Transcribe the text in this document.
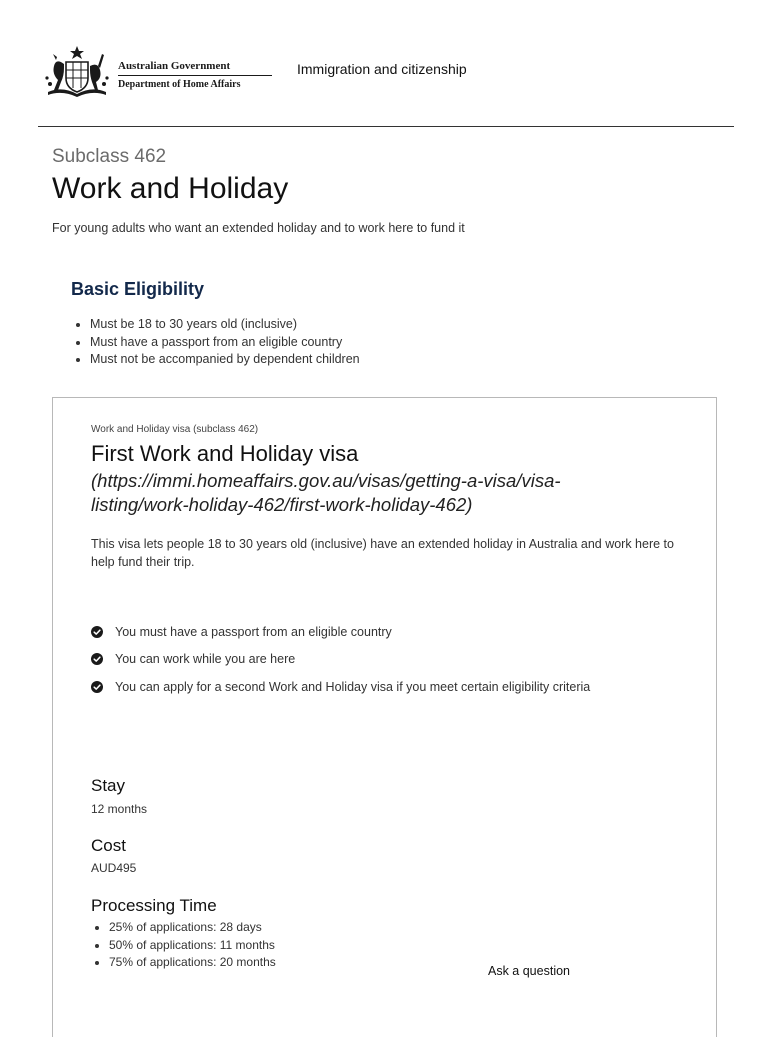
Australian Government
Department of Home Affairs
Immigration and citizenship
Subclass 462
Work and Holiday

For young adults who want an extended holiday and to work here to fund it

Basic Eligibility
• Must be 18 to 30 years old (inclusive)
• Must have a passport from an eligible country
• Must not be accompanied by dependent children
Work and Holiday visa (subclass 462)
First Work and Holiday visa
(https://immi.homeaffairs.gov.au/visas/getting-a-visa/visa-listing/work-holiday-462/first-work-holiday-462)

This visa lets people 18 to 30 years old (inclusive) have an extended holiday in Australia and work here to help fund their trip.

You must have a passport from an eligible country
You can work while you are here
You can apply for a second Work and Holiday visa if you meet certain eligibility criteria
Stay
12 months
Cost
AUD495
Processing Time
• 25% of applications: 28 days
• 50% of applications: 11 months
• 75% of applications: 20 months
Ask a question
